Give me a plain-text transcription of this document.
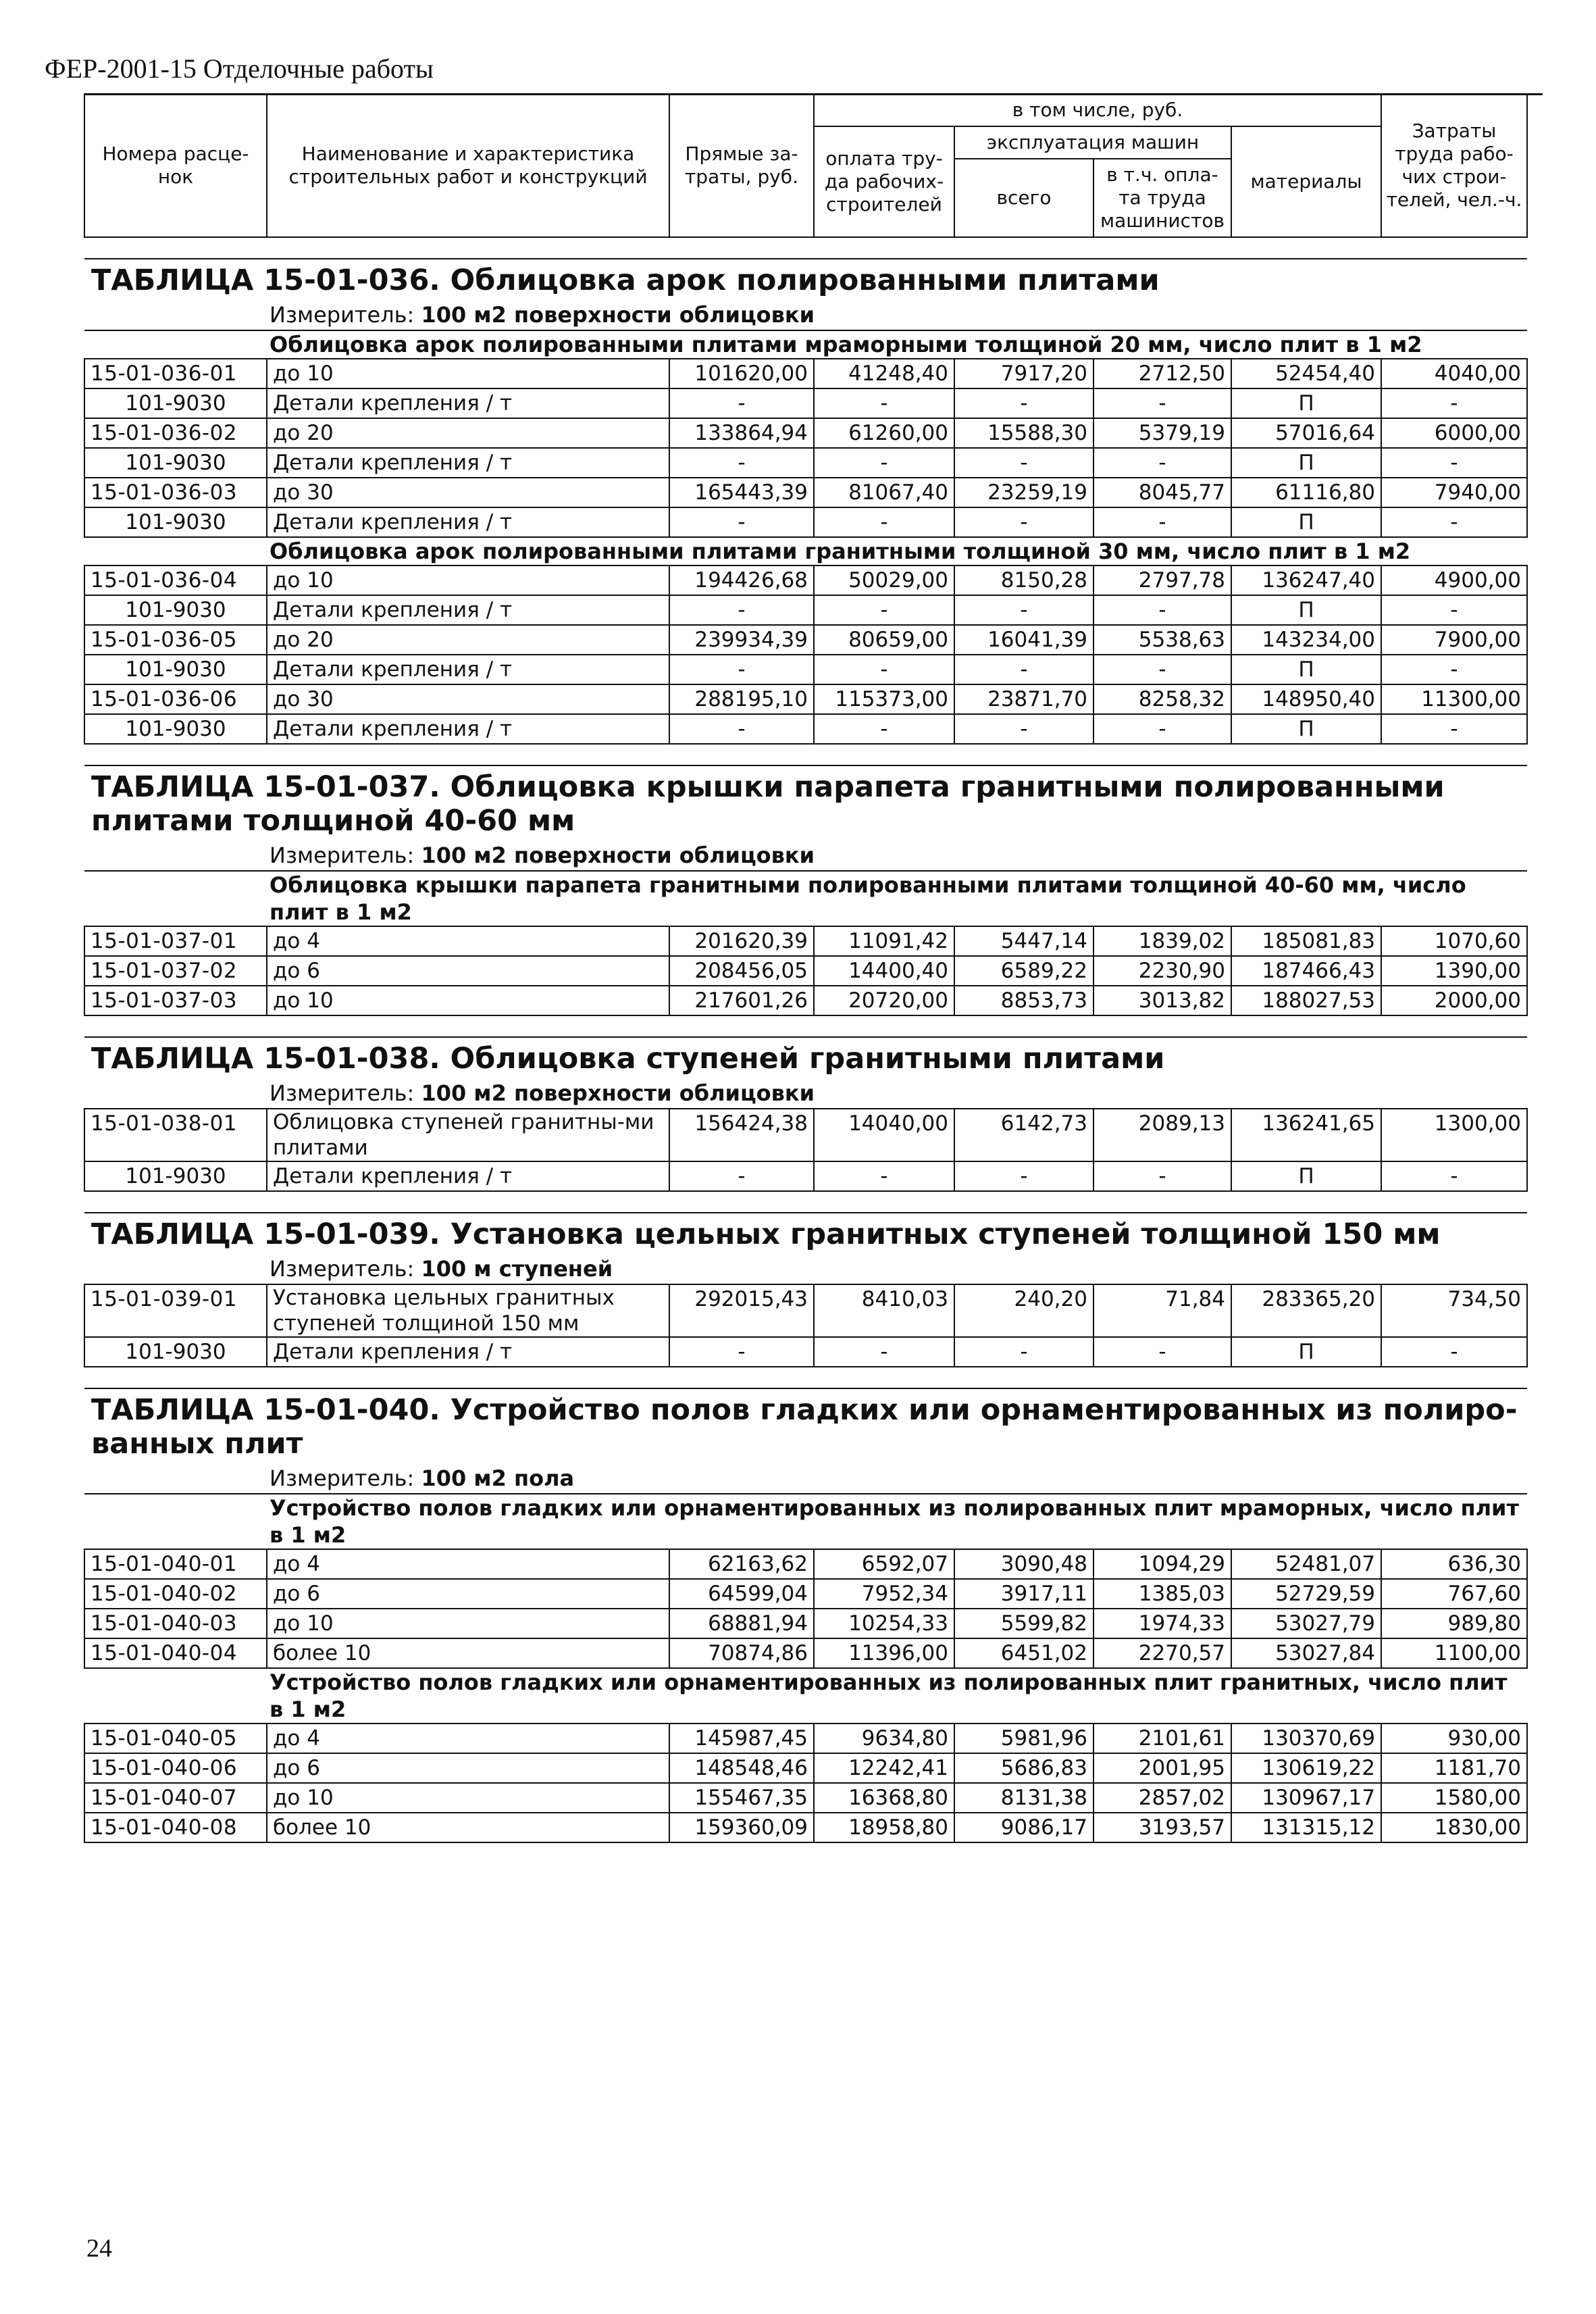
ФЕР-2001-15 Отделочные работы
Номера расце-нок	Наименование и характеристика строительных работ и конструкций	Прямые за-траты, руб.	в том числе, руб.				Затраты труда рабо-чих строи-телей, чел.-ч.
			оплата тру-да рабочих-строителей	эксплуатация машин		материалы	
				всего	в т.ч. опла-та труда машинистов		

ТАБЛИЦА 15-01-036. Облицовка арок полированными плитами							
Измеритель: 100 м2 поверхности облицовки							
Облицовка арок полированными плитами мраморными толщиной 20 мм, число плит в 1 м2							
15-01-036-01	до 10	101620,00	41248,40	7917,20	2712,50	52454,40	4040,00
101-9030	Детали крепления / т	-	-	-	-	П	-
15-01-036-02	до 20	133864,94	61260,00	15588,30	5379,19	57016,64	6000,00
101-9030	Детали крепления / т	-	-	-	-	П	-
15-01-036-03	до 30	165443,39	81067,40	23259,19	8045,77	61116,80	7940,00
101-9030	Детали крепления / т	-	-	-	-	П	-
Облицовка арок полированными плитами гранитными толщиной 30 мм, число плит в 1 м2							
15-01-036-04	до 10	194426,68	50029,00	8150,28	2797,78	136247,40	4900,00
101-9030	Детали крепления / т	-	-	-	-	П	-
15-01-036-05	до 20	239934,39	80659,00	16041,39	5538,63	143234,00	7900,00
101-9030	Детали крепления / т	-	-	-	-	П	-
15-01-036-06	до 30	288195,10	115373,00	23871,70	8258,32	148950,40	11300,00
101-9030	Детали крепления / т	-	-	-	-	П	-

ТАБЛИЦА 15-01-037. Облицовка крышки парапета гранитными полированными плитами толщиной 40-60 мм							
Измеритель: 100 м2 поверхности облицовки							
Облицовка крышки парапета гранитными полированными плитами толщиной 40-60 мм, число плит в 1 м2							
15-01-037-01	до 4	201620,39	11091,42	5447,14	1839,02	185081,83	1070,60
15-01-037-02	до 6	208456,05	14400,40	6589,22	2230,90	187466,43	1390,00
15-01-037-03	до 10	217601,26	20720,00	8853,73	3013,82	188027,53	2000,00

ТАБЛИЦА 15-01-038. Облицовка ступеней гранитными плитами							
Измеритель: 100 м2 поверхности облицовки							
15-01-038-01	Облицовка ступеней гранитны-ми плитами	156424,38	14040,00	6142,73	2089,13	136241,65	1300,00
101-9030	Детали крепления / т	-	-	-	-	П	-

ТАБЛИЦА 15-01-039. Установка цельных гранитных ступеней толщиной 150 мм							
Измеритель: 100 м ступеней							
15-01-039-01	Установка цельных гранитных ступеней толщиной 150 мм	292015,43	8410,03	240,20	71,84	283365,20	734,50
101-9030	Детали крепления / т	-	-	-	-	П	-

ТАБЛИЦА 15-01-040. Устройство полов гладких или орнаментированных из полиро-ванных плит							
Измеритель: 100 м2 пола							
Устройство полов гладких или орнаментированных из полированных плит мраморных, число плит в 1 м2							
15-01-040-01	до 4	62163,62	6592,07	3090,48	1094,29	52481,07	636,30
15-01-040-02	до 6	64599,04	7952,34	3917,11	1385,03	52729,59	767,60
15-01-040-03	до 10	68881,94	10254,33	5599,82	1974,33	53027,79	989,80
15-01-040-04	более 10	70874,86	11396,00	6451,02	2270,57	53027,84	1100,00
Устройство полов гладких или орнаментированных из полированных плит гранитных, число плит в 1 м2							
15-01-040-05	до 4	145987,45	9634,80	5981,96	2101,61	130370,69	930,00
15-01-040-06	до 6	148548,46	12242,41	5686,83	2001,95	130619,22	1181,70
15-01-040-07	до 10	155467,35	16368,80	8131,38	2857,02	130967,17	1580,00
15-01-040-08	более 10	159360,09	18958,80	9086,17	3193,57	131315,12	1830,00
24
